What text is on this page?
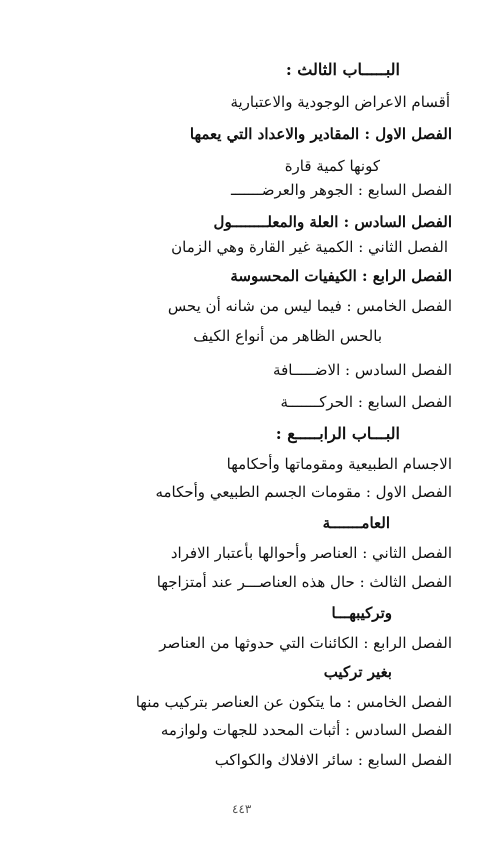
البـــــاب الثالث :
أقسام الاعراض الوجودية والاعتبارية
الفصل الاول : المقادير والاعداد التي يعمها
كونها كمية قارة
الفصل السابع : الجوهر والعرضـــــــ
الفصل السادس : العلة والمعلــــــــول
الفصل الثاني : الكمية غير القارة وهي الزمان
الفصل الرابع : الكيفيات المحسوسة
الفصل الخامس : فيما ليس من شانه أن يحس
بالحس الظاهر من أنواع الكيف
الفصل السادس : الاضـــــافة
الفصل السابع : الحركـــــــة
البـــاب الرابـــــع :
الاجسام الطبيعية ومقوماتها وأحكامها
الفصل الاول : مقومات الجسم الطبيعي وأحكامه
العامـــــــة
الفصل الثاني : العناصر وأحوالها بأعتبار الافراد
الفصل الثالث : حال هذه العناصـــر عند أمتزاجها
وتركيبهـــا
الفصل الرابع : الكائنات التي حدوثها من العناصر
بغير تركيب
الفصل الخامس : ما يتكون عن العناصر بتركيب منها
الفصل السادس : أثبات المحدد للجهات ولوازمه
الفصل السابع : سائر الافلاك والكواكب
٤٤٣
